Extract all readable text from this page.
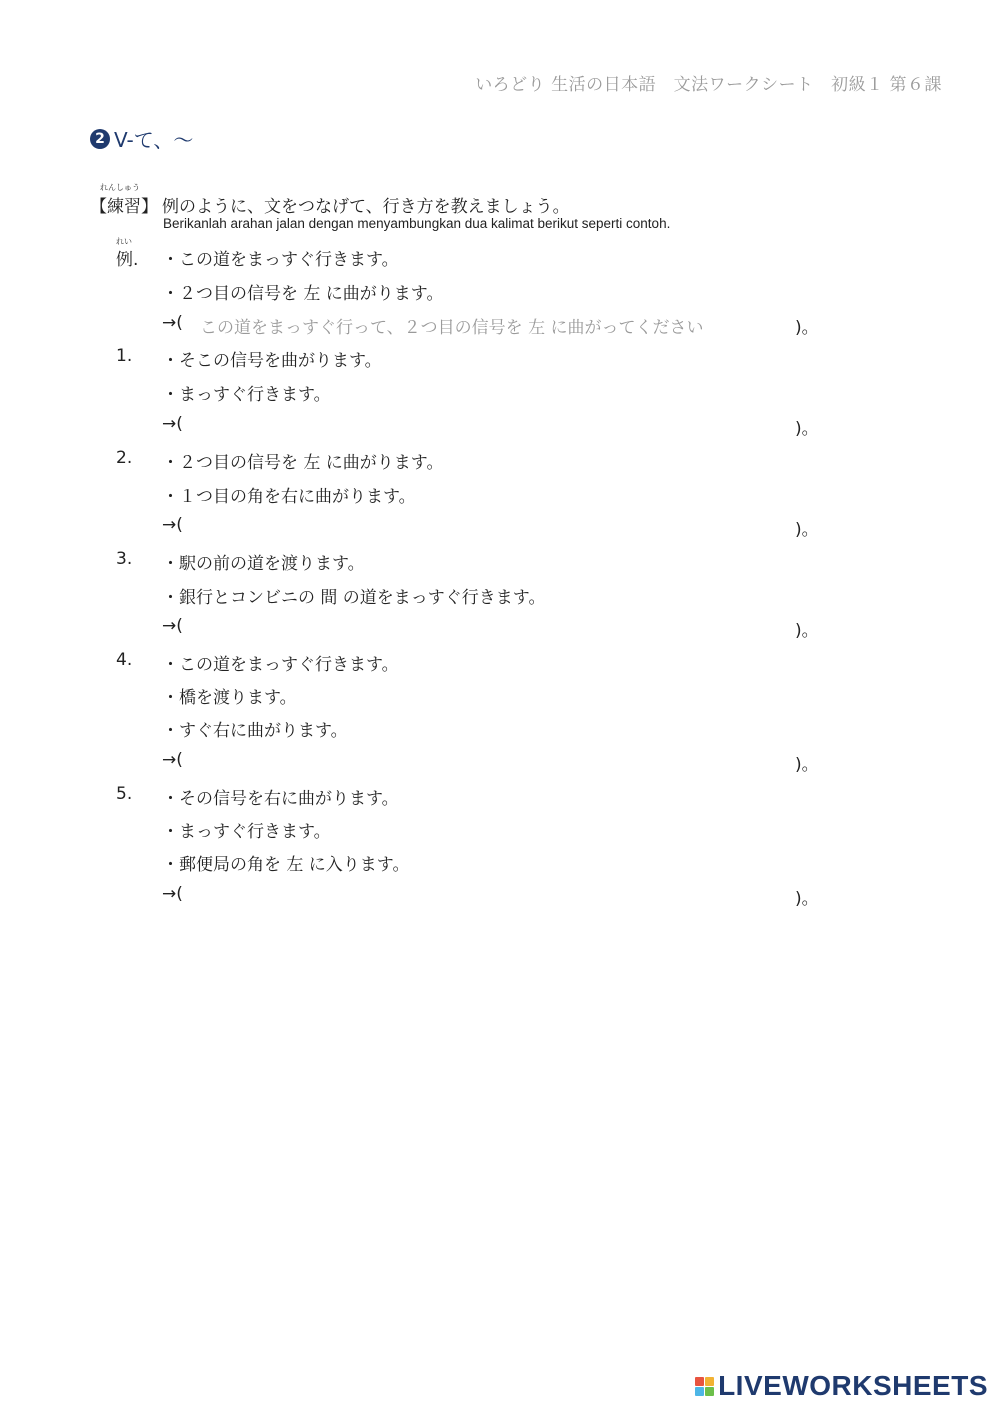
いろどり 生活の日本語　文法ワークシート　初級１ 第６課
2 V-て、～
れんしゅう
【練習】 例のように、文をつなげて、行き方を教えましょう。
Berikanlah arahan jalan dengan menyambungkan dua kalimat berikut seperti contoh.
れい
例. ・この道をまっすぐ行きます。
・２つ目の信号を 左 に曲がります。
→( この道をまっすぐ行って、２つ目の信号を 左 に曲がってください	)。
1. ・そこの信号を曲がります。
・まっすぐ行きます。
→(	)。
2. ・２つ目の信号を 左 に曲がります。
・１つ目の角を右に曲がります。
→(	)。
3. ・駅の前の道を渡ります。
・銀行とコンビニの 間 の道をまっすぐ行きます。
→(	)。
4. ・この道をまっすぐ行きます。
・橋を渡ります。
・すぐ右に曲がります。
→(	)。
5. ・その信号を右に曲がります。
・まっすぐ行きます。
・郵便局の角を 左 に入ります。
→(	)。
LIVEWORKSHEETS
